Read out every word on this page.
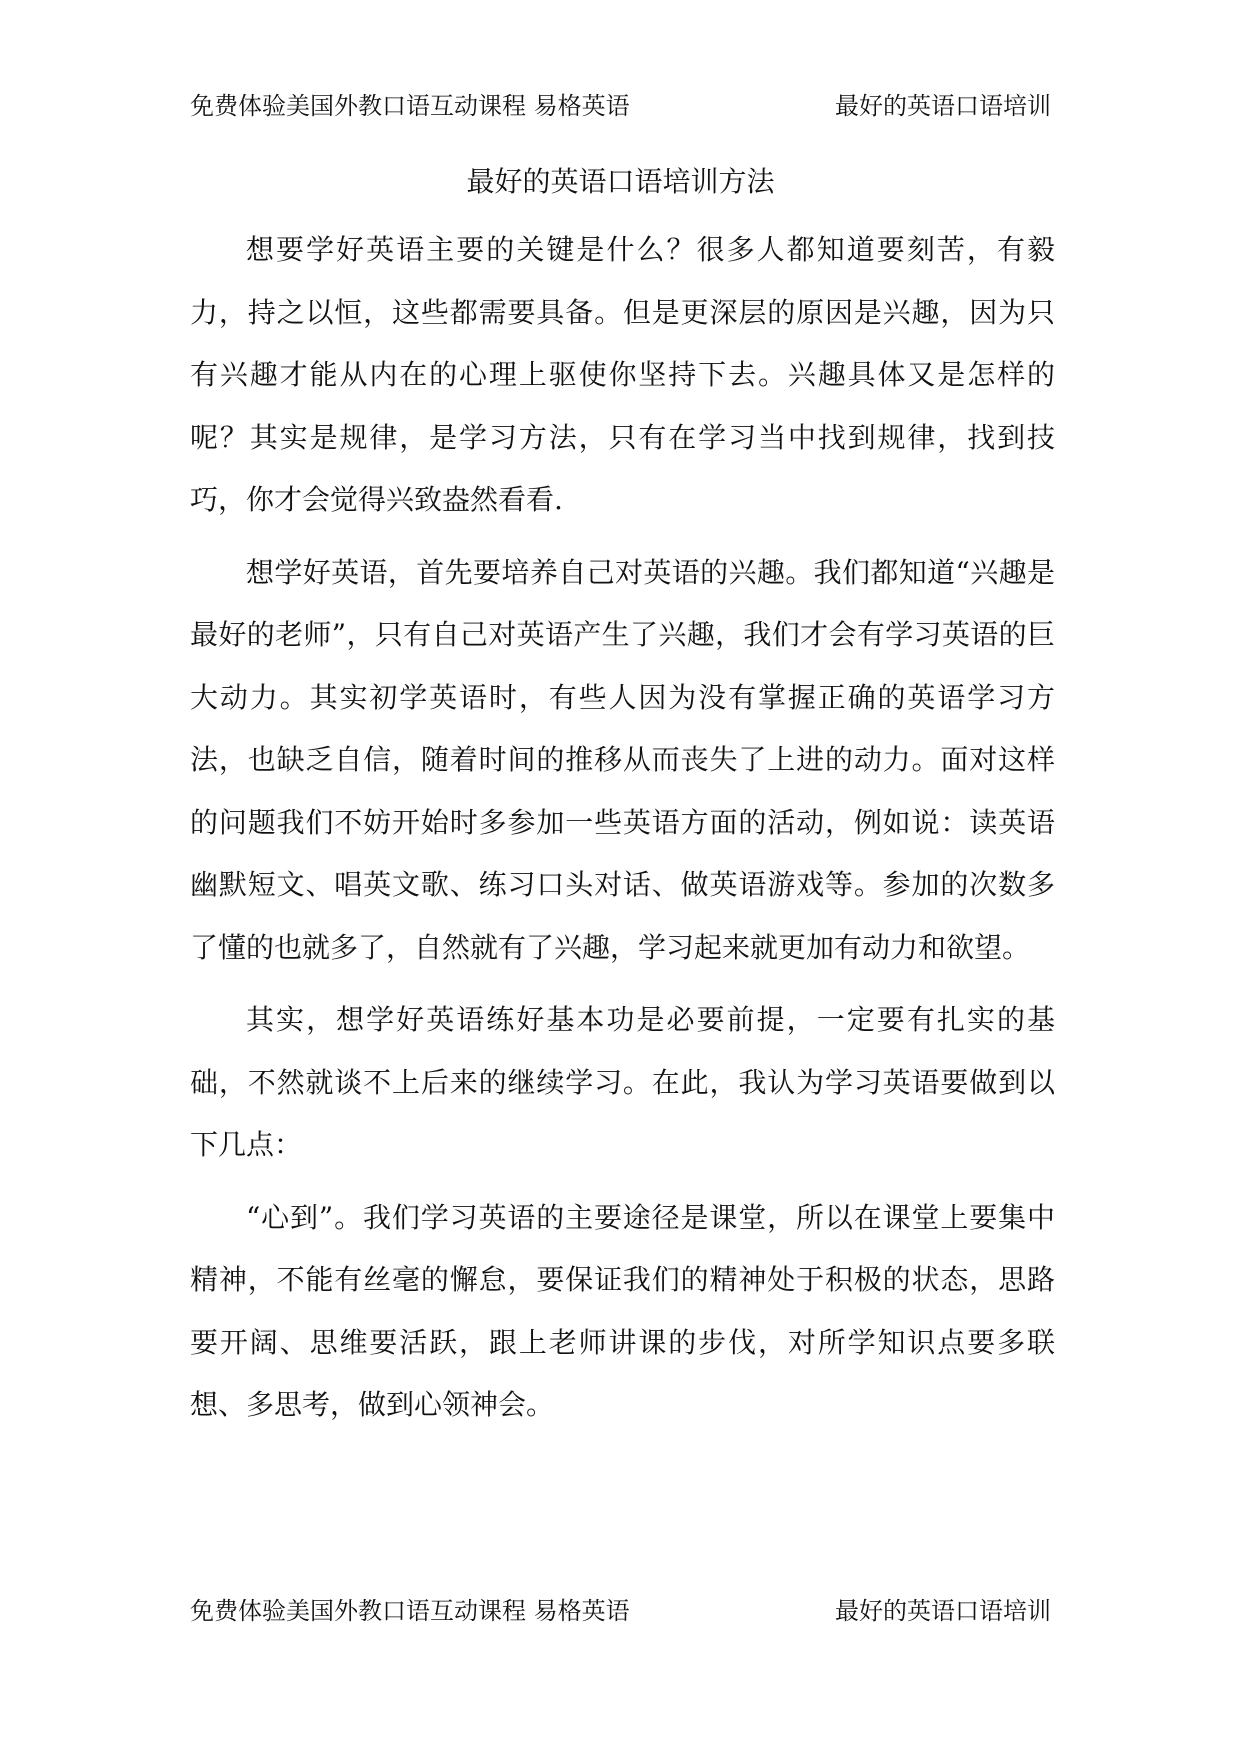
免费体验美国外教口语互动课程 易格英语	最好的英语口语培训
最好的英语口语培训方法

想要学好英语主要的关键是什么？很多人都知道要刻苦，有毅力，持之以恒，这些都需要具备。但是更深层的原因是兴趣，因为只有兴趣才能从内在的心理上驱使你坚持下去。兴趣具体又是怎样的呢？其实是规律，是学习方法，只有在学习当中找到规律，找到技巧，你才会觉得兴致盎然看看.

想学好英语，首先要培养自己对英语的兴趣。我们都知道“兴趣是最好的老师”，只有自己对英语产生了兴趣，我们才会有学习英语的巨大动力。其实初学英语时，有些人因为没有掌握正确的英语学习方法，也缺乏自信，随着时间的推移从而丧失了上进的动力。面对这样的问题我们不妨开始时多参加一些英语方面的活动，例如说：读英语幽默短文、唱英文歌、练习口头对话、做英语游戏等。参加的次数多了懂的也就多了，自然就有了兴趣，学习起来就更加有动力和欲望。

其实，想学好英语练好基本功是必要前提，一定要有扎实的基础，不然就谈不上后来的继续学习。在此，我认为学习英语要做到以下几点：

“心到”。我们学习英语的主要途径是课堂，所以在课堂上要集中精神，不能有丝毫的懈怠，要保证我们的精神处于积极的状态，思路要开阔、思维要活跃，跟上老师讲课的步伐，对所学知识点要多联想、多思考，做到心领神会。

免费体验美国外教口语互动课程 易格英语	最好的英语口语培训
